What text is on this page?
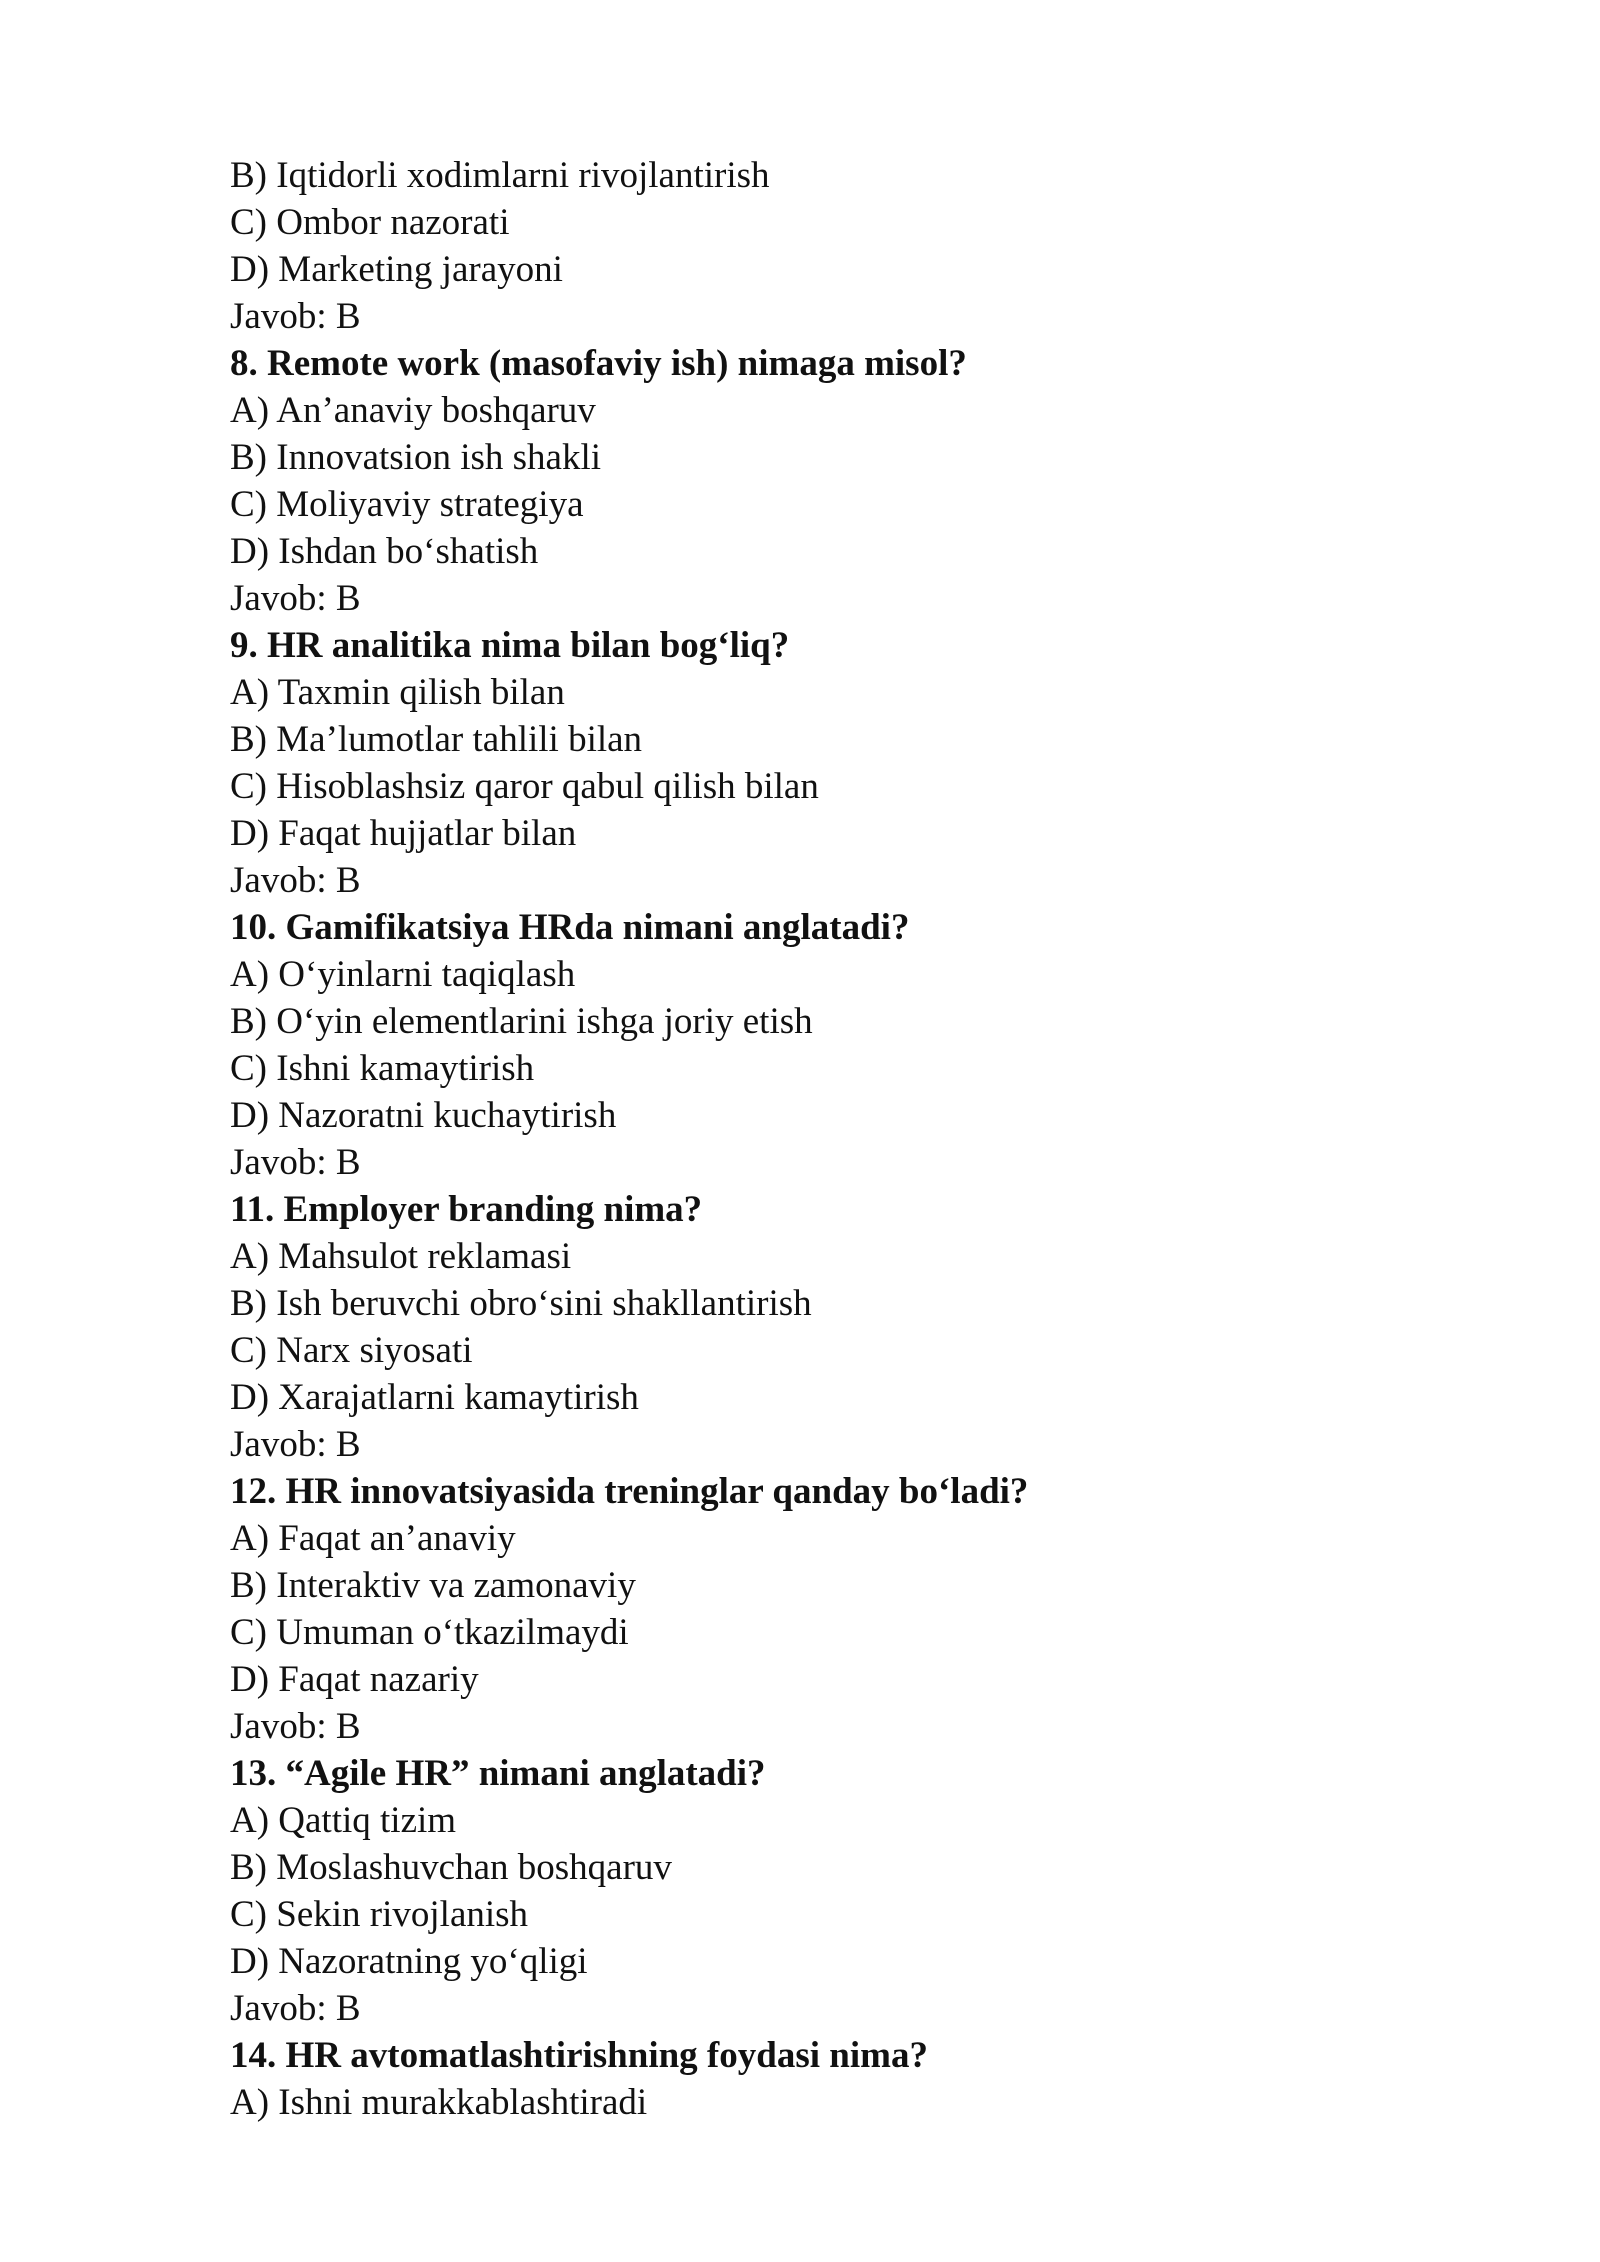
B) Iqtidorli xodimlarni rivojlantirish
C) Ombor nazorati
D) Marketing jarayoni
Javob: B
8. Remote work (masofaviy ish) nimaga misol?
A) An’anaviy boshqaruv
B) Innovatsion ish shakli
C) Moliyaviy strategiya
D) Ishdan bo‘shatish
Javob: B
9. HR analitika nima bilan bog‘liq?
A) Taxmin qilish bilan
B) Ma’lumotlar tahlili bilan
C) Hisoblashsiz qaror qabul qilish bilan
D) Faqat hujjatlar bilan
Javob: B
10. Gamifikatsiya HRda nimani anglatadi?
A) O‘yinlarni taqiqlash
B) O‘yin elementlarini ishga joriy etish
C) Ishni kamaytirish
D) Nazoratni kuchaytirish
Javob: B
11. Employer branding nima?
A) Mahsulot reklamasi
B) Ish beruvchi obro‘sini shakllantirish
C) Narx siyosati
D) Xarajatlarni kamaytirish
Javob: B
12. HR innovatsiyasida treninglar qanday bo‘ladi?
A) Faqat an’anaviy
B) Interaktiv va zamonaviy
C) Umuman o‘tkazilmaydi
D) Faqat nazariy
Javob: B
13. “Agile HR” nimani anglatadi?
A) Qattiq tizim
B) Moslashuvchan boshqaruv
C) Sekin rivojlanish
D) Nazoratning yo‘qligi
Javob: B
14. HR avtomatlashtirishning foydasi nima?
A) Ishni murakkablashtiradi
